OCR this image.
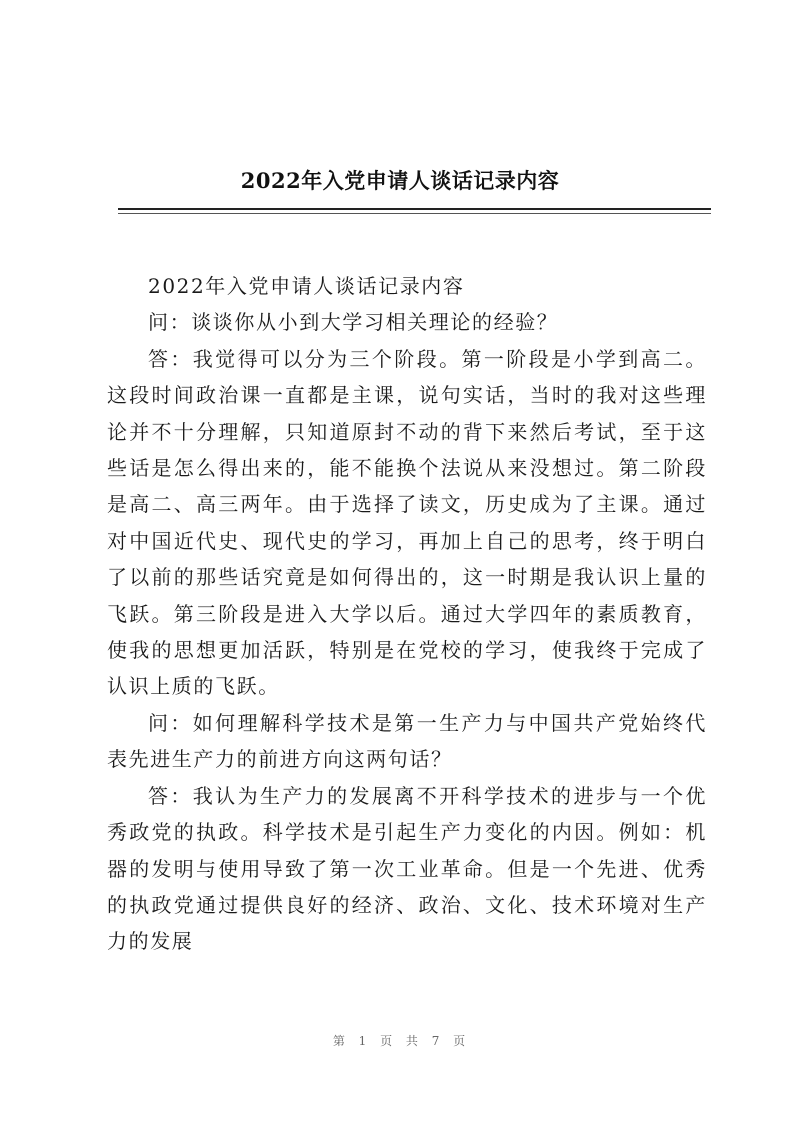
2022年入党申请人谈话记录内容

2022年入党申请人谈话记录内容

问：谈谈你从小到大学习相关理论的经验？

答：我觉得可以分为三个阶段。第一阶段是小学到高二。这段时间政治课一直都是主课，说句实话，当时的我对这些理论并不十分理解，只知道原封不动的背下来然后考试，至于这些话是怎么得出来的，能不能换个法说从来没想过。第二阶段是高二、高三两年。由于选择了读文，历史成为了主课。通过对中国近代史、现代史的学习，再加上自己的思考，终于明白了以前的那些话究竟是如何得出的，这一时期是我认识上量的飞跃。第三阶段是进入大学以后。通过大学四年的素质教育，使我的思想更加活跃，特别是在党校的学习，使我终于完成了认识上质的飞跃。

问：如何理解科学技术是第一生产力与中国共产党始终代表先进生产力的前进方向这两句话？

答：我认为生产力的发展离不开科学技术的进步与一个优秀政党的执政。科学技术是引起生产力变化的内因。例如：机器的发明与使用导致了第一次工业革命。但是一个先进、优秀的执政党通过提供良好的经济、政治、文化、技术环境对生产力的发展

第 1 页 共 7 页
